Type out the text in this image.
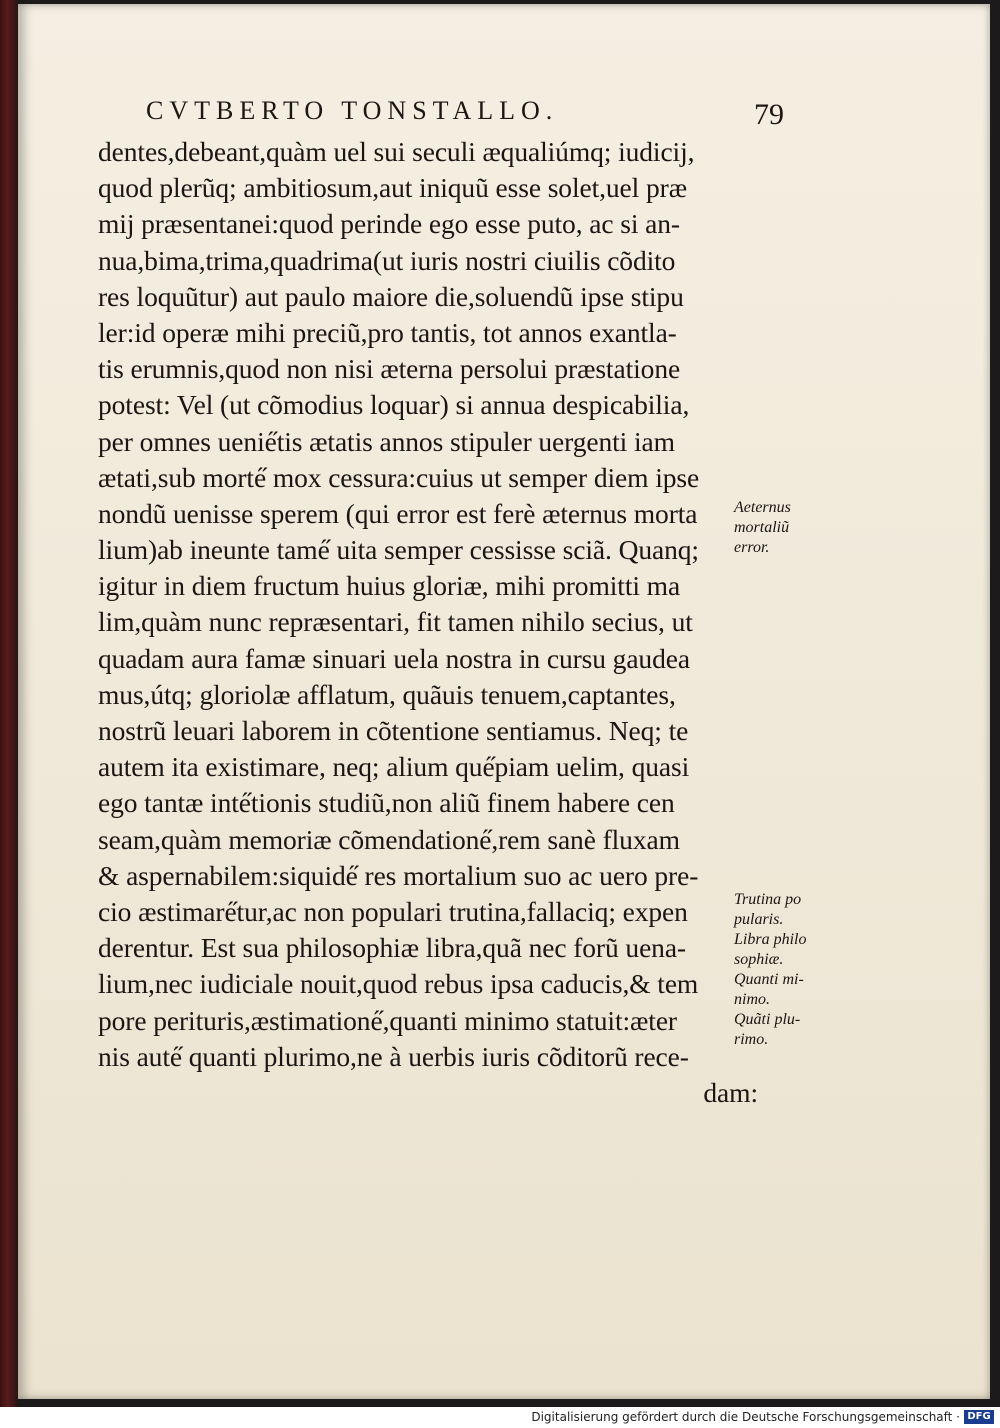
CVTBERTO TONSTALLO.	79
dentes,debeant,quàm uel sui seculi æqualiúmq; iudicij,
quod plerũq; ambitiosum,aut iniquũ esse solet,uel præ
mij præsentanei:quod perinde ego esse puto, ac si an-
nua,bima,trima,quadrima(ut iuris nostri ciuilis cõdito
res loquũtur) aut paulo maiore die,soluendũ ipse stipu
ler:id operæ mihi preciũ,pro tantis, tot annos exantla-
tis erumnis,quod non nisi æterna persolui præstatione
potest: Vel (ut cõmodius loquar) si annua despicabilia,
per omnes uenie̋tis ætatis annos stipuler uergenti iam
ætati,sub morte̋ mox cessura:cuius ut semper diem ipse
nondũ uenisse sperem (qui error est ferè æternus morta
lium)ab ineunte tame̋ uita semper cessisse sciã. Quanq;
igitur in diem fructum huius gloriæ, mihi promitti ma
lim,quàm nunc repræsentari, fit tamen nihilo secius, ut
quadam aura famæ sinuari uela nostra in cursu gaudea
mus,útq; gloriolæ afflatum, quãuis tenuem,captantes,
nostrũ leuari laborem in cõtentione sentiamus. Neq; te
autem ita existimare, neq; alium que̋piam uelim, quasi
ego tantæ inte̋tionis studiũ,non aliũ finem habere cen
seam,quàm memoriæ cõmendatione̋,rem sanè fluxam
& aspernabilem:siquide̋ res mortalium suo ac uero pre-
cio æstimare̋tur,ac non populari trutina,fallaciq; expen
derentur. Est sua philosophiæ libra,quã nec forũ uena-
lium,nec iudiciale nouit,quod rebus ipsa caducis,& tem
pore perituris,æstimatione̋,quanti minimo statuit:æter
nis aute̋ quanti plurimo,ne à uerbis iuris cõditorũ rece-
dam:
Aeternus
mortaliũ
error.
Trutina po
pularis.
Libra philo
sophiæ.
Quanti mi-
nimo.
Quãti plu-
rimo.
Digitalisierung gefördert durch die Deutsche Forschungsgemeinschaft · DFG
